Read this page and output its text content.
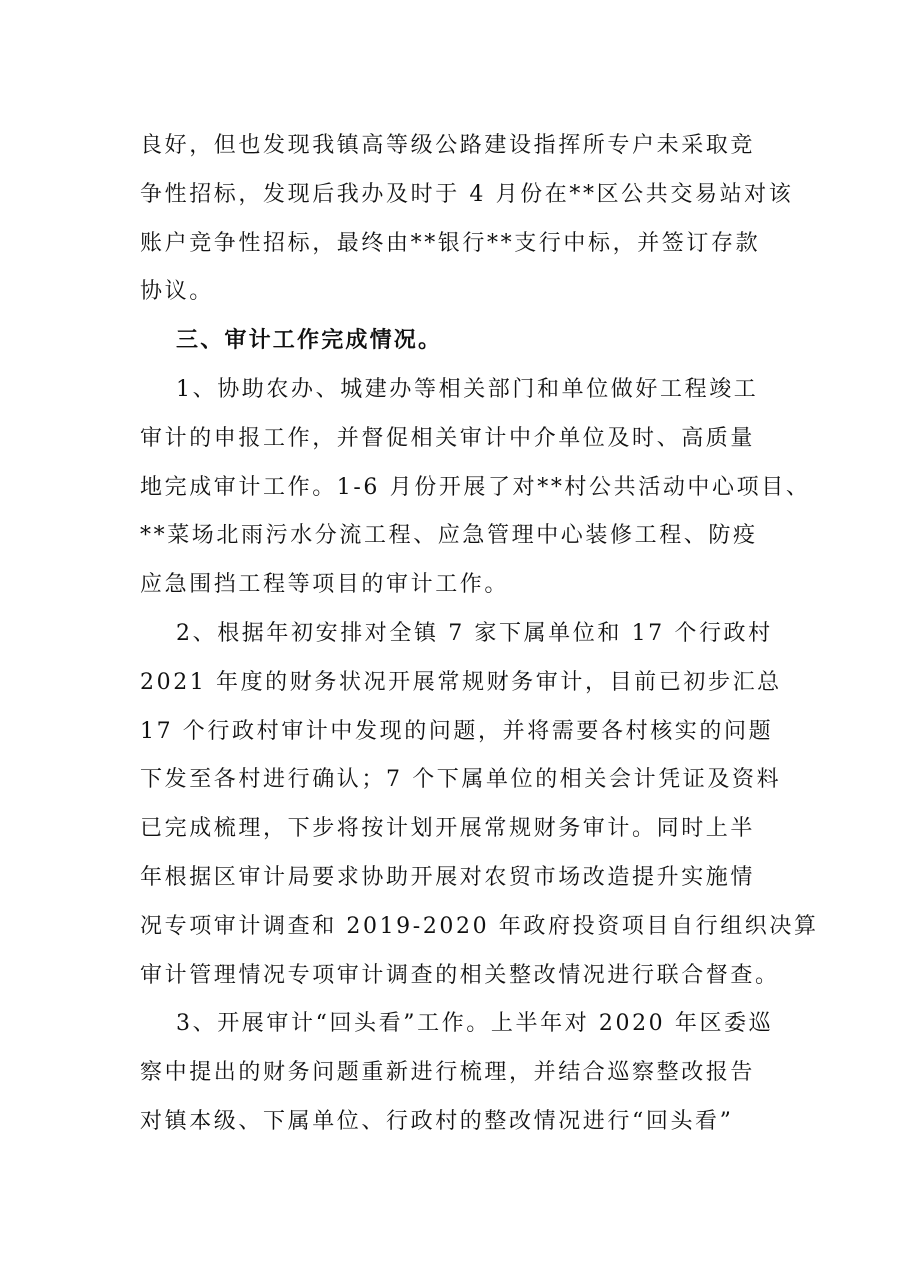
良好，但也发现我镇高等级公路建设指挥所专户未采取竞
争性招标，发现后我办及时于 4 月份在**区公共交易站对该
账户竞争性招标，最终由**银行**支行中标，并签订存款
协议。
三、审计工作完成情况。
1、协助农办、城建办等相关部门和单位做好工程竣工
审计的申报工作，并督促相关审计中介单位及时、高质量
地完成审计工作。1-6 月份开展了对**村公共活动中心项目、
**菜场北雨污水分流工程、应急管理中心装修工程、防疫
应急围挡工程等项目的审计工作。
2、根据年初安排对全镇 7 家下属单位和 17 个行政村
2021 年度的财务状况开展常规财务审计，目前已初步汇总
17 个行政村审计中发现的问题，并将需要各村核实的问题
下发至各村进行确认；7 个下属单位的相关会计凭证及资料
已完成梳理，下步将按计划开展常规财务审计。同时上半
年根据区审计局要求协助开展对农贸市场改造提升实施情
况专项审计调查和 2019-2020 年政府投资项目自行组织决算
审计管理情况专项审计调查的相关整改情况进行联合督查。
3、开展审计“回头看”工作。上半年对 2020 年区委巡
察中提出的财务问题重新进行梳理，并结合巡察整改报告
对镇本级、下属单位、行政村的整改情况进行“回头看”
